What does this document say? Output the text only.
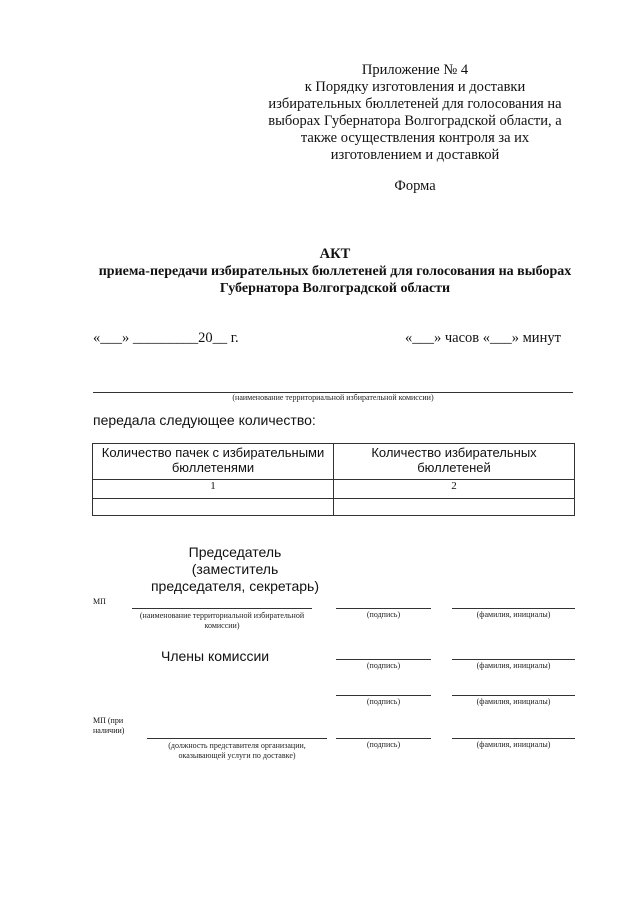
Приложение № 4
к Порядку изготовления и доставки
избирательных бюллетеней для голосования на
выборах Губернатора Волгоградской области, а
также осуществления контроля за их
изготовлением и доставкой
Форма
АКТ
приема-передачи избирательных бюллетеней для голосования на выборах
Губернатора Волгоградской области
«___» _________20__ г.	«___» часов «___» минут
(наименование территориальной избирательной комиссии)
передала следующее количество:
Количество пачек с избирательными бюллетенями	Количество избирательных бюллетеней
1	2

Председатель (заместитель председателя, секретарь)
МП
(наименование территориальной избирательной комиссии)
(подпись)	(фамилия, инициалы)
Члены комиссии
(подпись)	(фамилия, инициалы)
(подпись)	(фамилия, инициалы)
МП (при наличии)
(должность представителя организации, оказывающей услуги по доставке)
(подпись)	(фамилия, инициалы)
